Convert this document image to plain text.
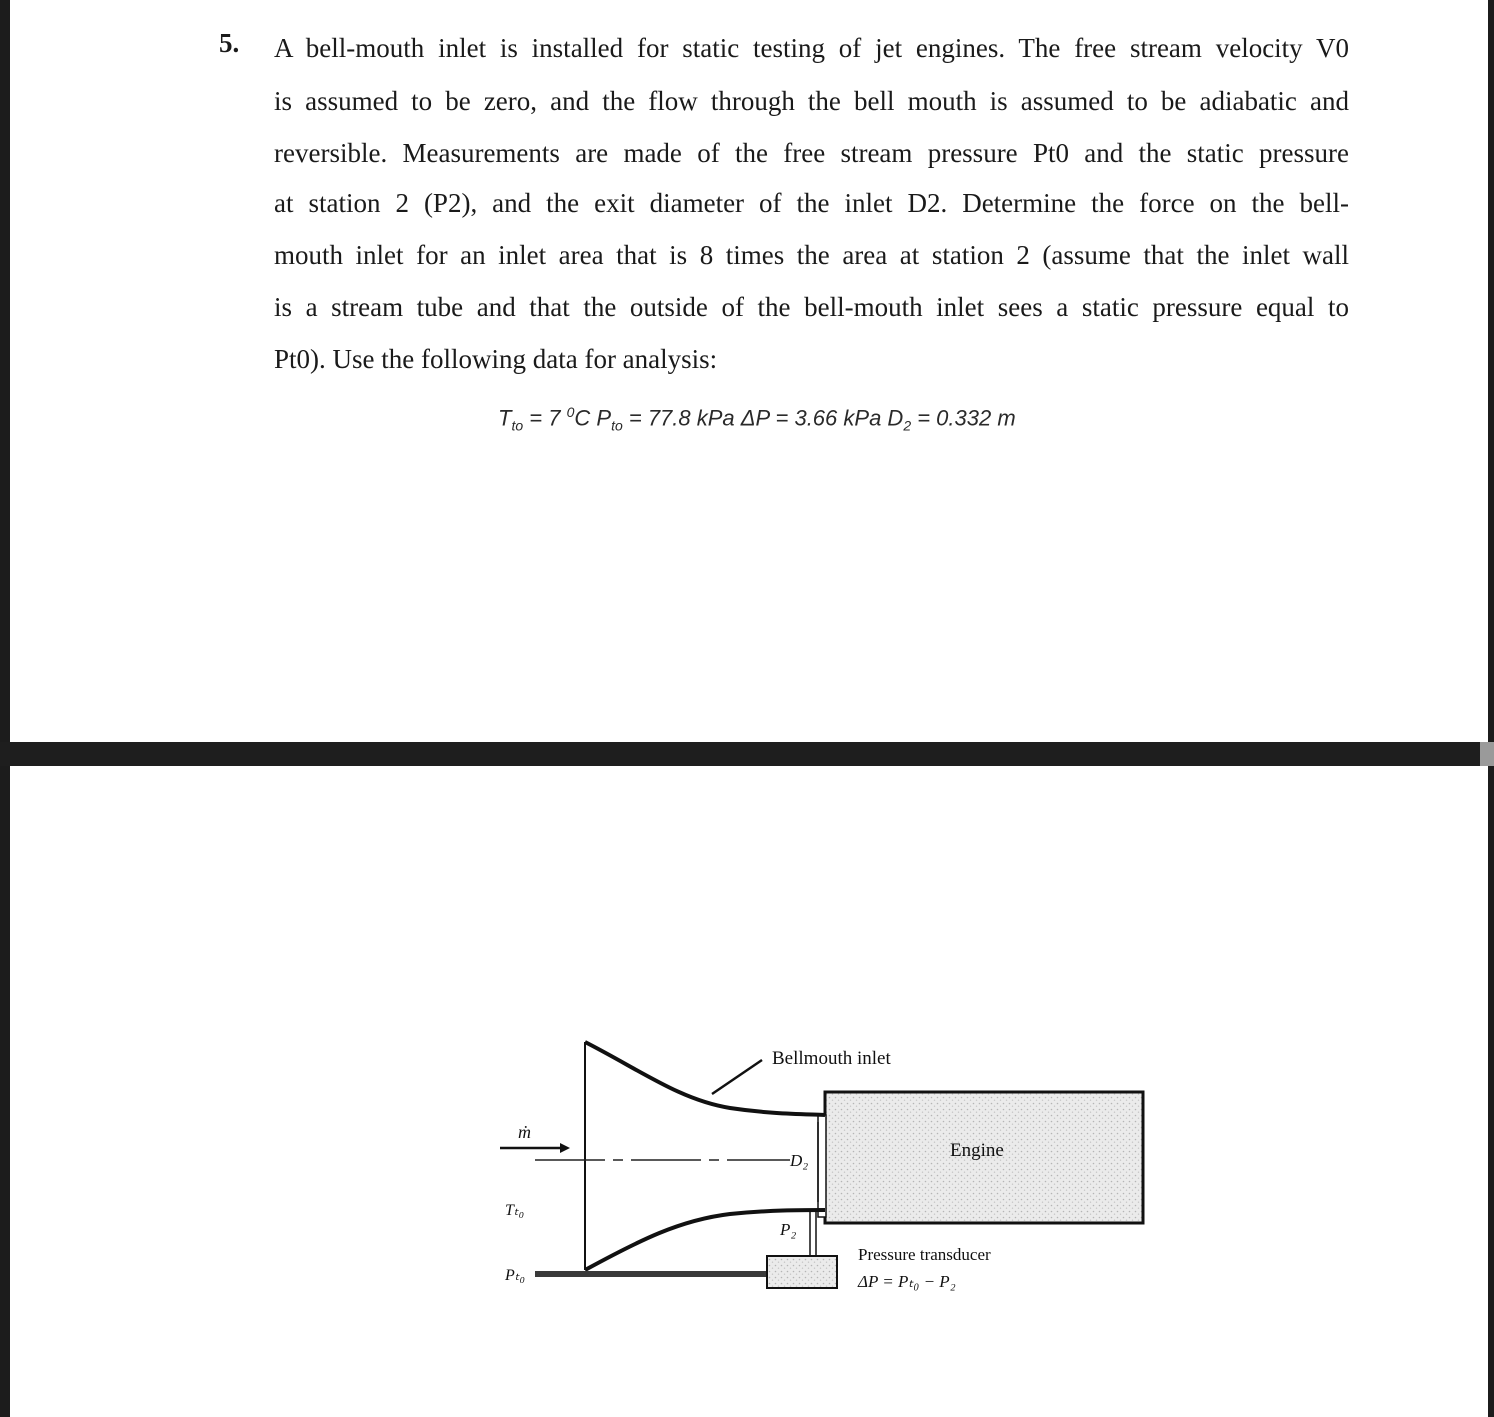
5. A bell-mouth inlet is installed for static testing of jet engines. The free stream velocity V0
is assumed to be zero, and the flow through the bell mouth is assumed to be adiabatic and
reversible. Measurements are made of the free stream pressure Pt0 and the static pressure
at station 2 (P2), and the exit diameter of the inlet D2. Determine the force on the bell-
mouth inlet for an inlet area that is 8 times the area at station 2 (assume that the inlet wall
is a stream tube and that the outside of the bell-mouth inlet sees a static pressure equal to
Pt0). Use the following data for analysis:
$T_{to} = 7$ $^0$C $P_{to} = 77.8$ kPa ΔP = 3.66 kPa $D_2 = 0.332$ m
Bellmouth inlet
ṁ
D₂
P₂
Tₜ₀
Pₜ₀
Pressure transducer
ΔP = Pₜ₀ − P₂
Engine
